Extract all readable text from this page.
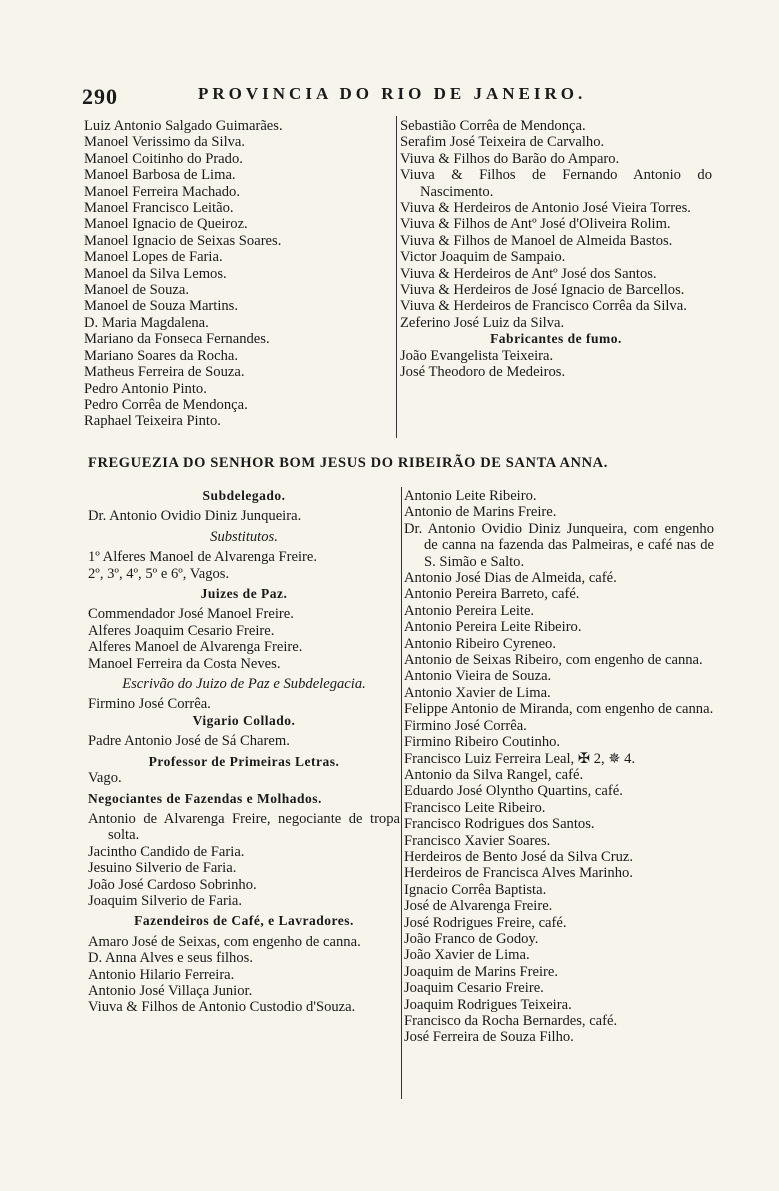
290	PROVINCIA DO RIO DE JANEIRO.
Luiz Antonio Salgado Guimarães.
Manoel Verissimo da Silva.
Manoel Coitinho do Prado.
Manoel Barbosa de Lima.
Manoel Ferreira Machado.
Manoel Francisco Leitão.
Manoel Ignacio de Queiroz.
Manoel Ignacio de Seixas Soares.
Manoel Lopes de Faria.
Manoel da Silva Lemos.
Manoel de Souza.
Manoel de Souza Martins.
D. Maria Magdalena.
Mariano da Fonseca Fernandes.
Mariano Soares da Rocha.
Matheus Ferreira de Souza.
Pedro Antonio Pinto.
Pedro Corrêa de Mendonça.
Raphael Teixeira Pinto.
Sebastião Corrêa de Mendonça.
Serafim José Teixeira de Carvalho.
Viuva & Filhos do Barão do Amparo.
Viuva & Filhos de Fernando Antonio do Nascimento.
Viuva & Herdeiros de Antonio José Vieira Torres.
Viuva & Filhos de Antº José d'Oliveira Rolim.
Viuva & Filhos de Manoel de Almeida Bastos.
Victor Joaquim de Sampaio.
Viuva & Herdeiros de Antº José dos Santos.
Viuva & Herdeiros de José Ignacio de Barcellos.
Viuva & Herdeiros de Francisco Corrêa da Silva.
Zeferino José Luiz da Silva.
Fabricantes de fumo.
João Evangelista Teixeira.
José Theodoro de Medeiros.
FREGUEZIA DO SENHOR BOM JESUS DO RIBEIRÃO DE SANTA ANNA.
Subdelegado.
Dr. Antonio Ovidio Diniz Junqueira.
Substitutos.
1º Alferes Manoel de Alvarenga Freire.
2º, 3º, 4º, 5º e 6º, Vagos.
Juizes de Paz.
Commendador José Manoel Freire.
Alferes Joaquim Cesario Freire.
Alferes Manoel de Alvarenga Freire.
Manoel Ferreira da Costa Neves.
Escrivão do Juizo de Paz e Subdelegacia.
Firmino José Corrêa.
Vigario Collado.
Padre Antonio José de Sá Charem.
Professor de Primeiras Letras.
Vago.
Negociantes de Fazendas e Molhados.
Antonio de Alvarenga Freire, negociante de tropa solta.
Jacintho Candido de Faria.
Jesuino Silverio de Faria.
João José Cardoso Sobrinho.
Joaquim Silverio de Faria.
Fazendeiros de Café, e Lavradores.
Amaro José de Seixas, com engenho de canna.
D. Anna Alves e seus filhos.
Antonio Hilario Ferreira.
Antonio José Villaça Junior.
Viuva & Filhos de Antonio Custodio d'Souza.
Antonio Leite Ribeiro.
Antonio de Marins Freire.
Dr. Antonio Ovidio Diniz Junqueira, com engenho de canna na fazenda das Palmeiras, e café nas de S. Simão e Salto.
Antonio José Dias de Almeida, café.
Antonio Pereira Barreto, café.
Antonio Pereira Leite.
Antonio Pereira Leite Ribeiro.
Antonio Ribeiro Cyreneo.
Antonio de Seixas Ribeiro, com engenho de canna.
Antonio Vieira de Souza.
Antonio Xavier de Lima.
Felippe Antonio de Miranda, com engenho de canna.
Firmino José Corrêa.
Firmino Ribeiro Coutinho.
Francisco Luiz Ferreira Leal, ✠ 2, ✵ 4.
Antonio da Silva Rangel, café.
Eduardo José Olyntho Quartins, café.
Francisco Leite Ribeiro.
Francisco Rodrigues dos Santos.
Francisco Xavier Soares.
Herdeiros de Bento José da Silva Cruz.
Herdeiros de Francisca Alves Marinho.
Ignacio Corrêa Baptista.
José de Alvarenga Freire.
José Rodrigues Freire, café.
João Franco de Godoy.
João Xavier de Lima.
Joaquim de Marins Freire.
Joaquim Cesario Freire.
Joaquim Rodrigues Teixeira.
Francisco da Rocha Bernardes, café.
José Ferreira de Souza Filho.
